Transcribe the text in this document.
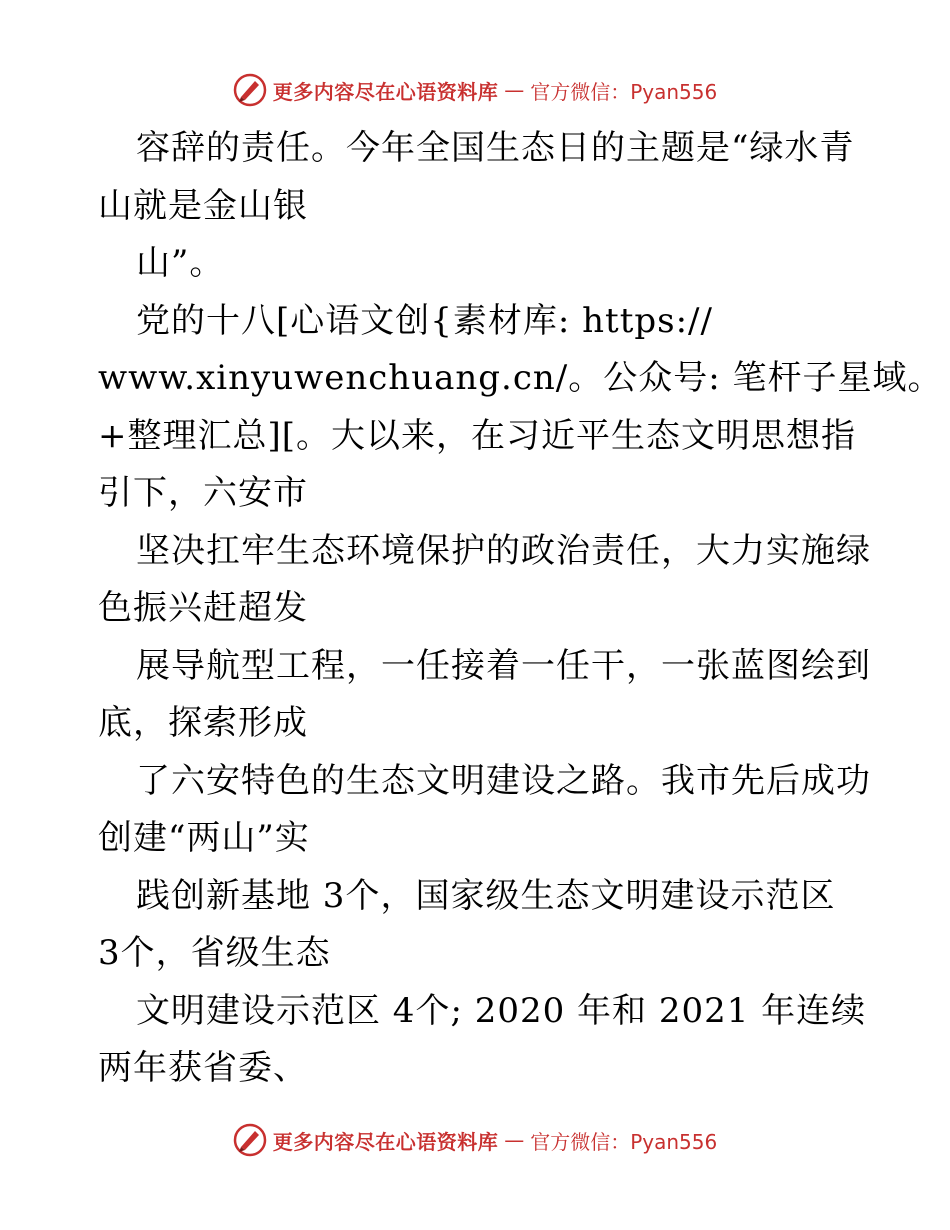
更多内容尽在心语资料库 — 官方微信：Pyan556
容辞的责任。今年全国生态日的主题是“绿水青
山就是金山银
山”。
党的十八[心语文创{素材库: https://
www.xinyuwenchuang.cn/。公众号: 笔杆子星域。
+整理汇总][。大以来，在习近平生态文明思想指
引下，六安市
坚决扛牢生态环境保护的政治责任，大力实施绿
色振兴赶超发
展导航型工程，一任接着一任干，一张蓝图绘到
底，探索形成
了六安特色的生态文明建设之路。我市先后成功
创建“两山”实
践创新基地 3个，国家级生态文明建设示范区
3个，省级生态
文明建设示范区 4个; 2020 年和 2021 年连续
两年获省委、
更多内容尽在心语资料库 — 官方微信：Pyan556
